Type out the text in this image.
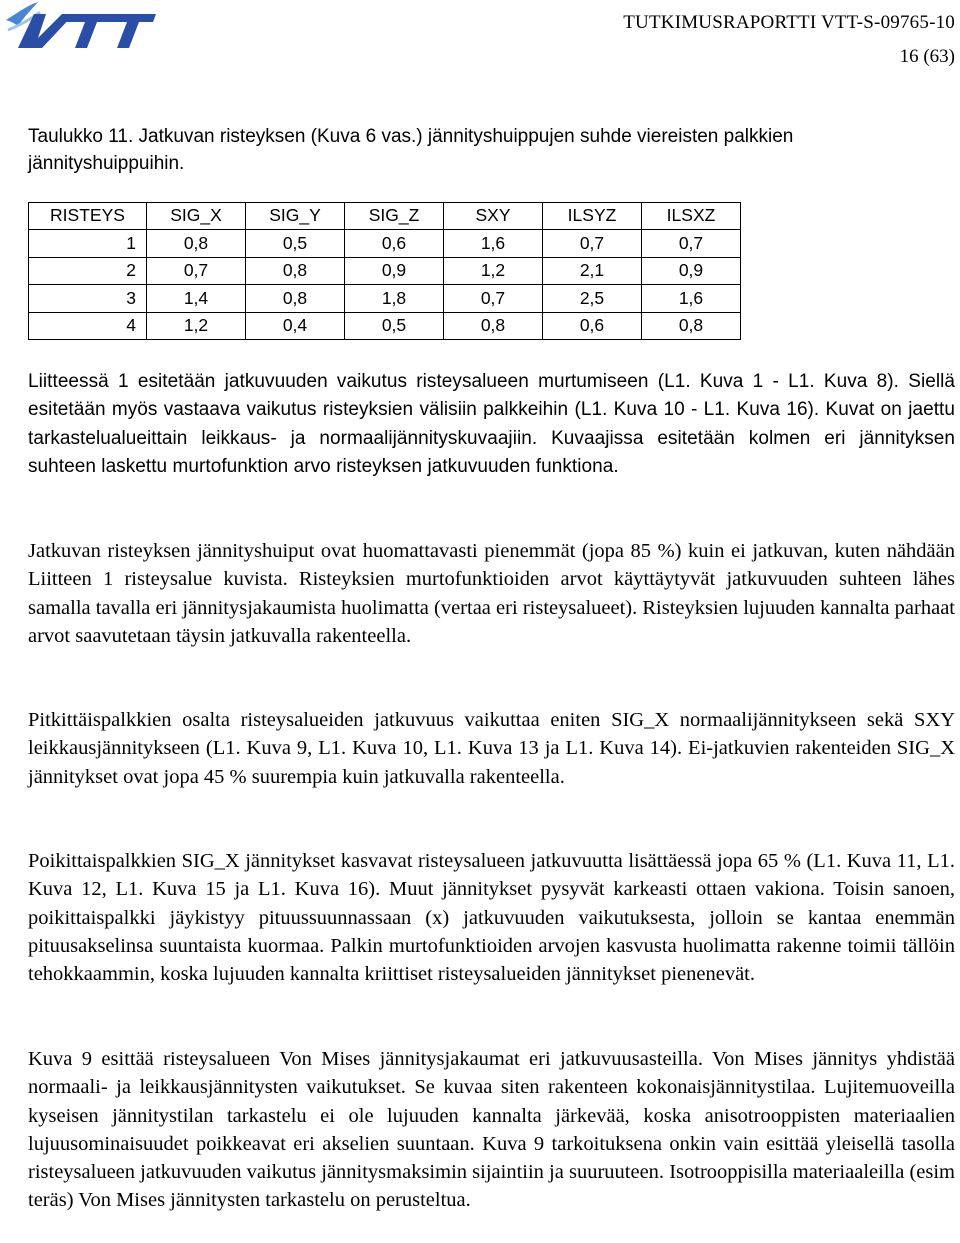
TUTKIMUSRAPORTTI VTT-S-09765-10
16 (63)
Taulukko 11. Jatkuvan risteyksen (Kuva 6 vas.) jännityshuippujen suhde viereisten palkkien jännityshuippuihin.
RISTEYS	SIG_X	SIG_Y	SIG_Z	SXY	ILSYZ	ILSXZ
1	0,8	0,5	0,6	1,6	0,7	0,7
2	0,7	0,8	0,9	1,2	2,1	0,9
3	1,4	0,8	1,8	0,7	2,5	1,6
4	1,2	0,4	0,5	0,8	0,6	0,8

Liitteessä 1 esitetään jatkuvuuden vaikutus risteysalueen murtumiseen (L1. Kuva 1 - L1. Kuva 8). Siellä esitetään myös vastaava vaikutus risteyksien välisiin palkkeihin (L1. Kuva 10 - L1. Kuva 16). Kuvat on jaettu tarkastelualueittain leikkaus- ja normaalijännityskuvaajiin. Kuvaajissa esitetään kolmen eri jännityksen suhteen laskettu murtofunktion arvo risteyksen jatkuvuuden funktiona.

Jatkuvan risteyksen jännityshuiput ovat huomattavasti pienemmät (jopa 85 %) kuin ei jatkuvan, kuten nähdään Liitteen 1 risteysalue kuvista. Risteyksien murtofunktioiden arvot käyttäytyvät jatkuvuuden suhteen lähes samalla tavalla eri jännitysjakaumista huolimatta (vertaa eri risteysalueet). Risteyksien lujuuden kannalta parhaat arvot saavutetaan täysin jatkuvalla rakenteella.

Pitkittäispalkkien osalta risteysalueiden jatkuvuus vaikuttaa eniten SIG_X normaalijännitykseen sekä SXY leikkausjännitykseen (L1. Kuva 9, L1. Kuva 10, L1. Kuva 13 ja L1. Kuva 14). Ei-jatkuvien rakenteiden SIG_X jännitykset ovat jopa 45 % suurempia kuin jatkuvalla rakenteella.

Poikittaispalkkien SIG_X jännitykset kasvavat risteysalueen jatkuvuutta lisättäessä jopa 65 % (L1. Kuva 11, L1. Kuva 12, L1. Kuva 15 ja L1. Kuva 16). Muut jännitykset pysyvät karkeasti ottaen vakiona. Toisin sanoen, poikittaispalkki jäykistyy pituussuunnassaan (x) jatkuvuuden vaikutuksesta, jolloin se kantaa enemmän pituusakselinsa suuntaista kuormaa. Palkin murtofunktioiden arvojen kasvusta huolimatta rakenne toimii tällöin tehokkaammin, koska lujuuden kannalta kriittiset risteysalueiden jännitykset pienenevät.

Kuva 9 esittää risteysalueen Von Mises jännitysjakaumat eri jatkuvuusasteilla. Von Mises jännitys yhdistää normaali- ja leikkausjännitysten vaikutukset. Se kuvaa siten rakenteen kokonaisjännitystilaa. Lujitemuoveilla kyseisen jännitystilan tarkastelu ei ole lujuuden kannalta järkevää, koska anisotrooppisten materiaalien lujuusominaisuudet poikkeavat eri akselien suuntaan. Kuva 9 tarkoituksena onkin vain esittää yleisellä tasolla risteysalueen jatkuvuuden vaikutus jännitysmaksimin sijaintiin ja suuruuteen. Isotrooppisilla materiaaleilla (esim teräs) Von Mises jännitysten tarkastelu on perusteltua.
